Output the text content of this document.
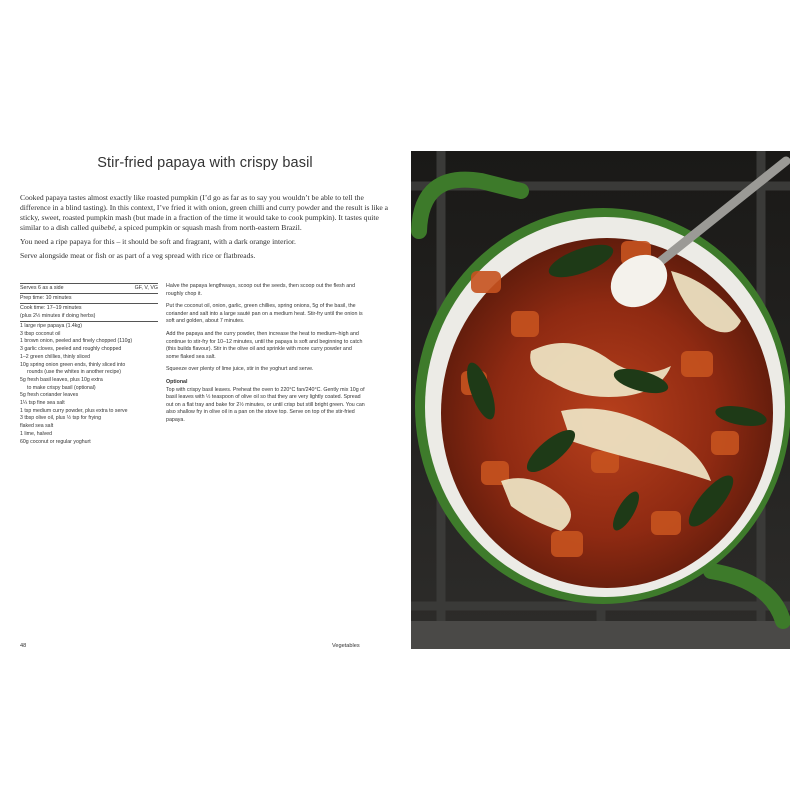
Stir-fried papaya with crispy basil

Cooked papaya tastes almost exactly like roasted pumpkin (I’d go as far as to say you wouldn’t be able to tell the difference in a blind tasting). In this context, I’ve fried it with onion, green chilli and curry powder and the result is like a sticky, sweet, roasted pumpkin mash (but made in a fraction of the time it would take to cook pumpkin). It tastes quite similar to a dish called quibebé, a spiced pumpkin or squash mash from north-eastern Brazil.

You need a ripe papaya for this – it should be soft and fragrant, with a dark orange interior.

Serve alongside meat or fish or as part of a veg spread with rice or flatbreads.

Serves 6 as a side	GF, V, VG
Prep time: 10 minutes
Cook time: 17–19 minutes
(plus 2½ minutes if doing herbs)
1 large ripe papaya (1.4kg)
3 tbsp coconut oil
1 brown onion, peeled and finely chopped (110g)
3 garlic cloves, peeled and roughly chopped
1–2 green chillies, thinly sliced
10g spring onion green ends, thinly sliced into
rounds (use the whites in another recipe)
5g fresh basil leaves, plus 10g extra
to make crispy basil (optional)
5g fresh coriander leaves
1¼ tsp fine sea salt
1 tsp medium curry powder, plus extra to serve
3 tbsp olive oil, plus ½ tsp for frying
flaked sea salt
1 lime, halved
60g coconut or regular yoghurt

Halve the papaya lengthways, scoop out the seeds, then scoop out the flesh and roughly chop it.

Put the coconut oil, onion, garlic, green chillies, spring onions, 5g of the basil, the coriander and salt into a large sauté pan on a medium heat. Stir-fry until the onion is soft and golden, about 7 minutes.

Add the papaya and the curry powder, then increase the heat to medium–high and continue to stir-fry for 10–12 minutes, until the papaya is soft and beginning to catch (this builds flavour). Stir in the olive oil and sprinkle with more curry powder and some flaked sea salt.

Squeeze over plenty of lime juice, stir in the yoghurt and serve.

Optional

Top with crispy basil leaves. Preheat the oven to 220°C fan/240°C. Gently mix 10g of basil leaves with ½ teaspoon of olive oil so that they are very lightly coated. Spread out on a flat tray and bake for 2½ minutes, or until crisp but still bright green. You can also shallow fry in olive oil in a pan on the stove top. Serve on top of the stir-fried papaya.

48	Vegetables
